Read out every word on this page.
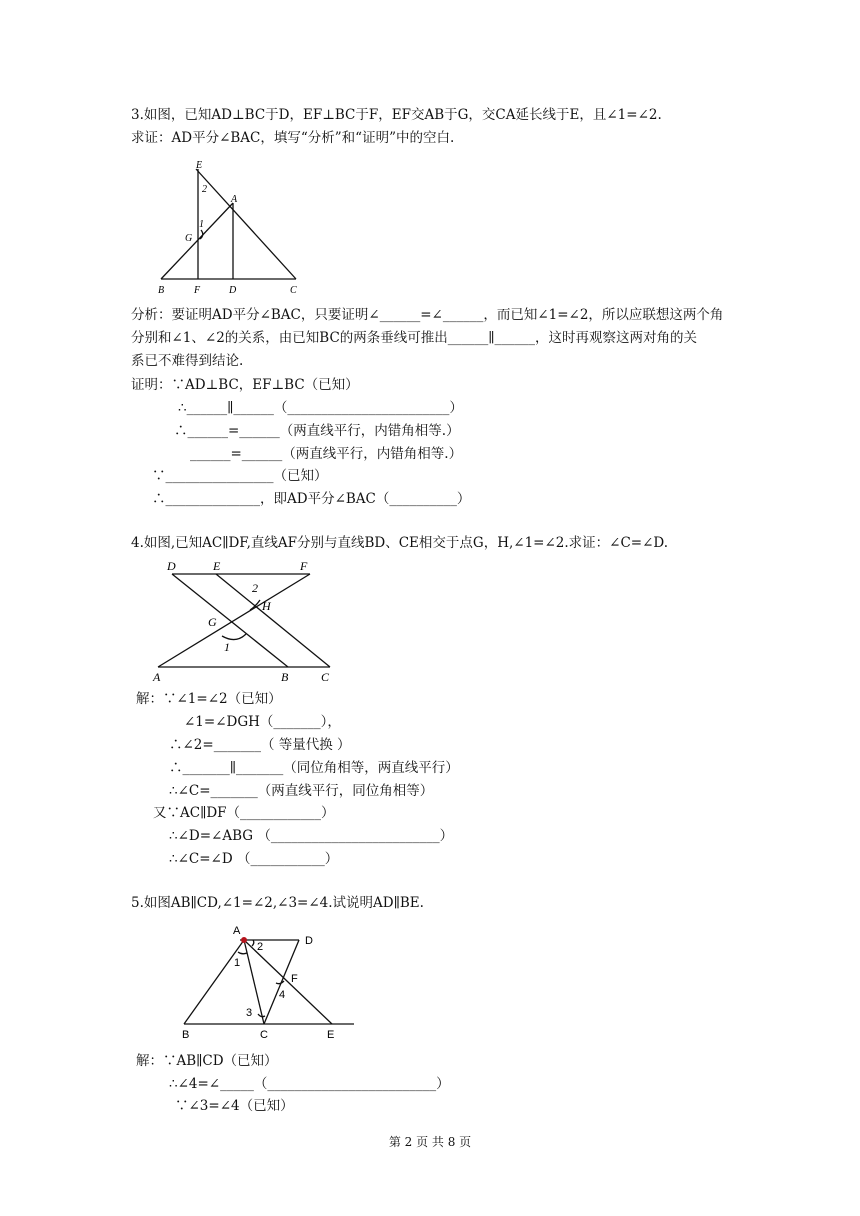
3.如图，已知AD⊥BC于D，EF⊥BC于F，EF交AB于G，交CA延长线于E，且∠1=∠2.
求证：AD平分∠BAC，填写“分析”和“证明”中的空白.
E
2
A
1
G
B	F	D	C
分析：要证明AD平分∠BAC，只要证明∠______=∠______，而已知∠1=∠2，所以应联想这两个角
分别和∠1、∠2的关系，由已知BC的两条垂线可推出______∥______，这时再观察这两对角的关
系已不难得到结论.
证明：∵AD⊥BC，EF⊥BC（已知）
∴______∥______（________________________）
∴______=______（两直线平行，内错角相等.）
______=______（两直线平行，内错角相等.）
∵________________（已知）
∴______________，即AD平分∠BAC（__________）
4.如图,已知AC∥DF,直线AF分别与直线BD、CE相交于点G，H,∠1=∠2.求证：∠C=∠D.
D	E	F
2
H
G
1
A	B	C
解：∵∠1=∠2（已知）
∠1=∠DGH（_______），
∴∠2=_______（ 等量代换 ）
∴_______∥_______（同位角相等，两直线平行）
∴∠C=_______（两直线平行，同位角相等）
又∵AC∥DF（____________）
∴∠D=∠ABG （_________________________）
∴∠C=∠D （___________）
5.如图AB∥CD,∠1=∠2,∠3=∠4.试说明AD∥BE.
A
D
2
1
F
4
3
B	C	E
解：∵AB∥CD（已知）
∴∠4=∠_____（_________________________）
∵∠3=∠4（已知）
第 2 页 共 8 页
